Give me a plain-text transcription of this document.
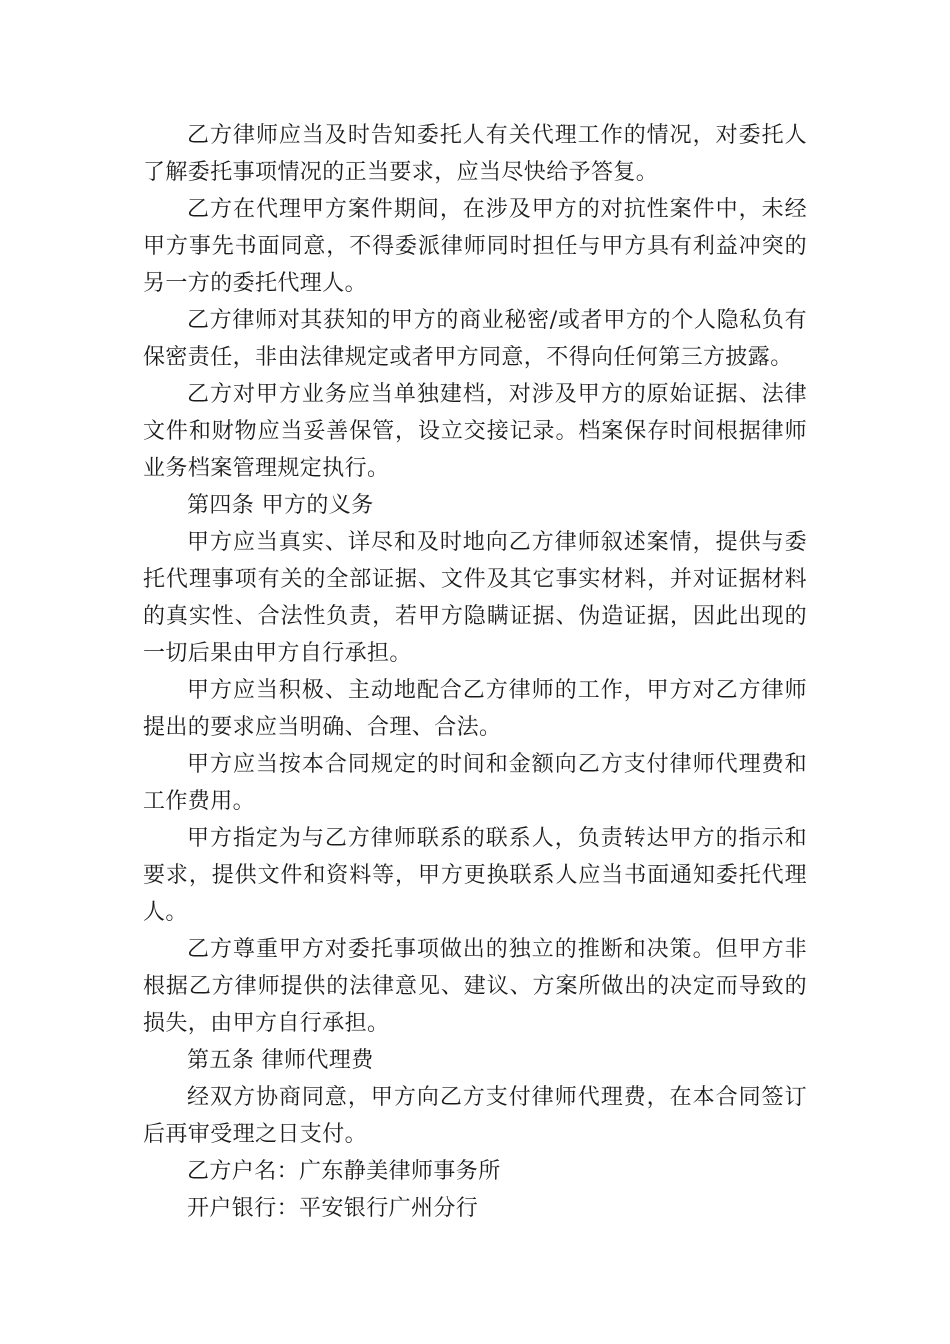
乙方律师应当及时告知委托人有关代理工作的情况，对委托人了解委托事项情况的正当要求，应当尽快给予答复。

乙方在代理甲方案件期间，在涉及甲方的对抗性案件中，未经甲方事先书面同意，不得委派律师同时担任与甲方具有利益冲突的另一方的委托代理人。

乙方律师对其获知的甲方的商业秘密/或者甲方的个人隐私负有保密责任，非由法律规定或者甲方同意，不得向任何第三方披露。

乙方对甲方业务应当单独建档，对涉及甲方的原始证据、法律文件和财物应当妥善保管，设立交接记录。档案保存时间根据律师业务档案管理规定执行。

第四条 甲方的义务

甲方应当真实、详尽和及时地向乙方律师叙述案情，提供与委托代理事项有关的全部证据、文件及其它事实材料，并对证据材料的真实性、合法性负责，若甲方隐瞒证据、伪造证据，因此出现的一切后果由甲方自行承担。

甲方应当积极、主动地配合乙方律师的工作，甲方对乙方律师提出的要求应当明确、合理、合法。

甲方应当按本合同规定的时间和金额向乙方支付律师代理费和工作费用。

甲方指定为与乙方律师联系的联系人，负责转达甲方的指示和要求，提供文件和资料等，甲方更换联系人应当书面通知委托代理人。

乙方尊重甲方对委托事项做出的独立的推断和决策。但甲方非根据乙方律师提供的法律意见、建议、方案所做出的决定而导致的损失，由甲方自行承担。

第五条 律师代理费

经双方协商同意，甲方向乙方支付律师代理费，在本合同签订后再审受理之日支付。

乙方户名：广东静美律师事务所

开户银行：平安银行广州分行
